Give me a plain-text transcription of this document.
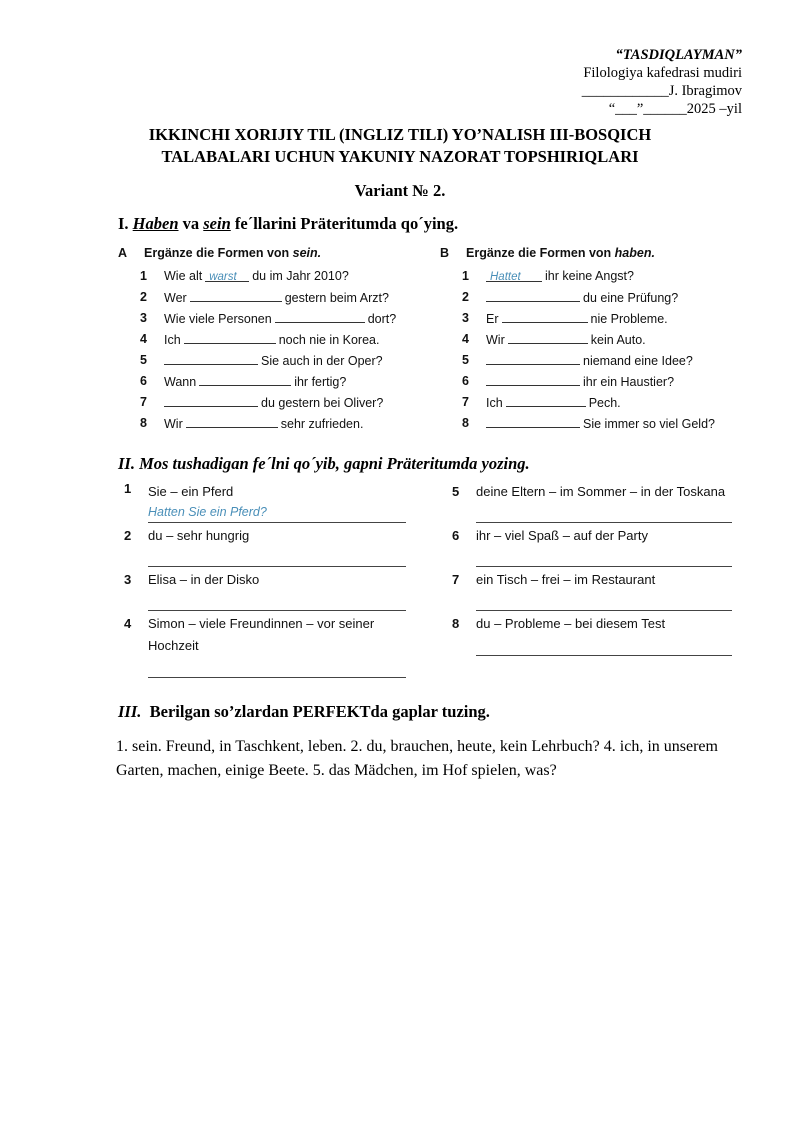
“TASDIQLAYMAN”
Filologiya kafedrasi mudiri
____________J. Ibragimov
“___”______2025 –yil
IKKINCHI XORIJIY TIL (INGLIZ TILI) YO’NALISH III-BOSQICH
TALABALARI UCHUN YAKUNIY NAZORAT TOPSHIRIQLARI
Variant № 2.
I. Haben va sein fe´llarini Präteritumda qo´ying.
A Ergänze die Formen von sein.
1 Wie alt warst du im Jahr 2010?
2 Wer	gestern beim Arzt?
3 Wie viele Personen	dort?
4 Ich	noch nie in Korea.
5	Sie auch in der Oper?
6 Wann	ihr fertig?
7	du gestern bei Oliver?
8 Wir	sehr zufrieden.
B Ergänze die Formen von haben.
1	Hattet ihr keine Angst?
2	du eine Prüfung?
3 Er	nie Probleme.
4 Wir	kein Auto.
5	niemand eine Idee?
6	ihr ein Haustier?
7 Ich	Pech.
8	Sie immer so viel Geld?
II. Mos tushadigan fe´lni qo´yib, gapni Präteritumda yozing.
1 Sie – ein Pferd
Hatten Sie ein Pferd?
2 du – sehr hungrig
3 Elisa – in der Disko
4 Simon – viele Freundinnen – vor seiner
Hochzeit
5 deine Eltern – im Sommer – in der Toskana
6 ihr – viel Spaß – auf der Party
7 ein Tisch – frei – im Restaurant
8 du – Probleme – bei diesem Test
III. Berilgan so’zlardan PERFEKTda gaplar tuzing.
1. sein. Freund, in Taschkent, leben. 2. du, brauchen, heute, kein Lehrbuch? 4. ich, in unserem Garten, machen, einige Beete. 5. das Mädchen, im Hof spielen, was?
